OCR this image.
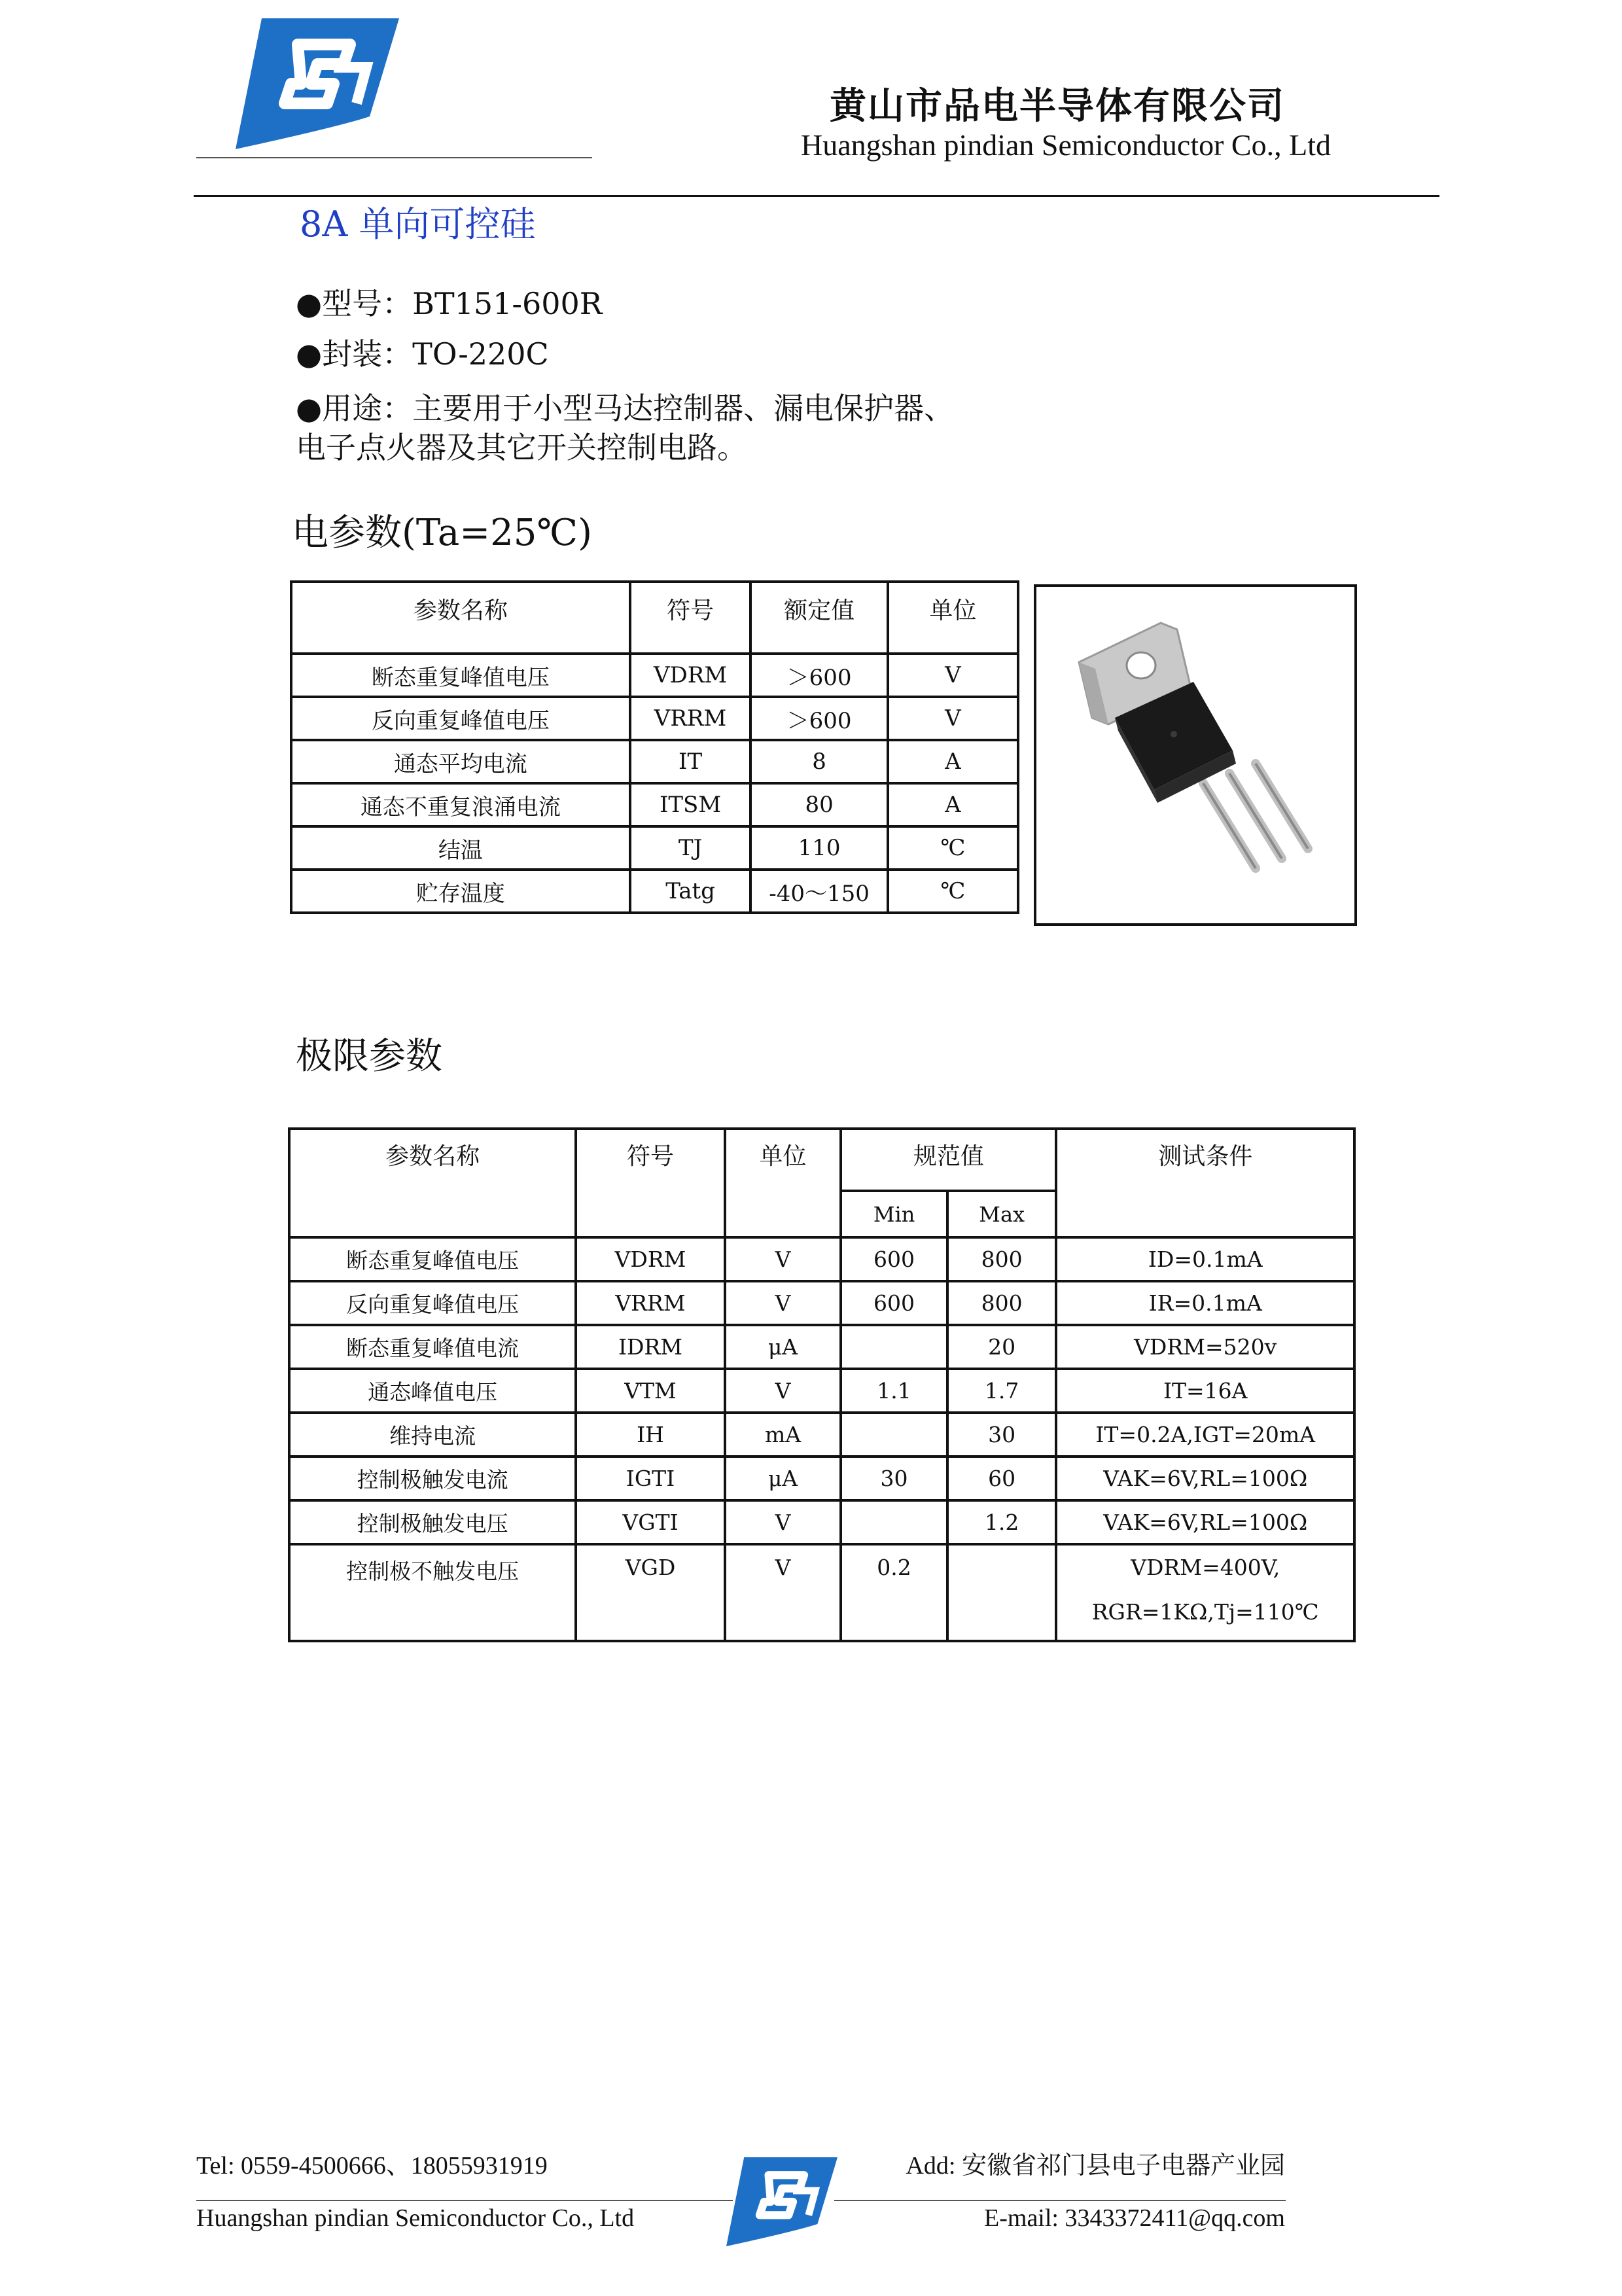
黄山市品电半导体有限公司
Huangshan pindian Semiconductor Co., Ltd
8A 单向可控硅
●型号：BT151-600R
●封装：TO-220C
●用途：主要用于小型马达控制器、漏电保护器、
电子点火器及其它开关控制电路。
电参数(Ta=25℃)
参数名称	符号	额定值	单位
断态重复峰值电压	VDRM	＞600	V
反向重复峰值电压	VRRM	＞600	V
通态平均电流	IT	8	A
通态不重复浪涌电流	ITSM	80	A
结温	TJ	110	℃
贮存温度	Tatg	-40～150	℃
极限参数
参数名称	符号	单位	规范值		测试条件
			Min	Max	
断态重复峰值电压	VDRM	V	600	800	ID=0.1mA
反向重复峰值电压	VRRM	V	600	800	IR=0.1mA
断态重复峰值电流	IDRM	μA		20	VDRM=520v
通态峰值电压	VTM	V	1.1	1.7	IT=16A
维持电流	IH	mA		30	IT=0.2A,IGT=20mA
控制极触发电流	IGTI	μA	30	60	VAK=6V,RL=100Ω
控制极触发电压	VGTI	V		1.2	VAK=6V,RL=100Ω
控制极不触发电压	VGD	V	0.2		VDRM=400V,
RGR=1KΩ,Tj=110℃
Tel: 0559-4500666、18055931919	Add: 安徽省祁门县电子电器产业园
Huangshan pindian Semiconductor Co., Ltd	E-mail: 3343372411@qq.com
